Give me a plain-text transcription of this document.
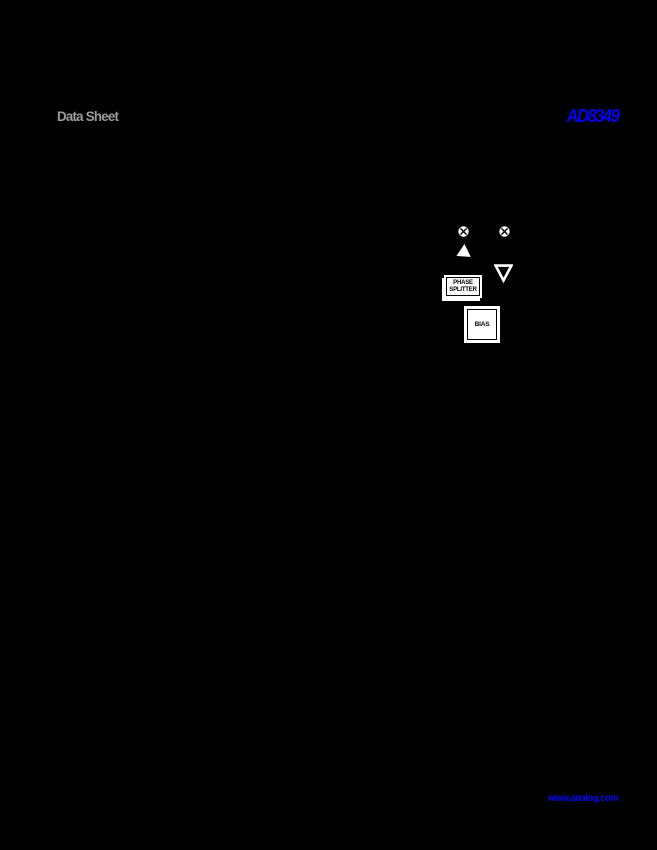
Data Sheet	AD8349
PHASE
SPLITTER
BIAS
www.analog.com
